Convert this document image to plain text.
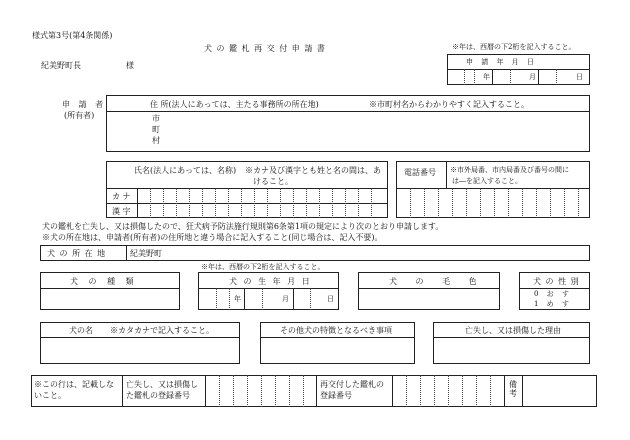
様式第3号(第4条関係)
犬 の 鑑 札 再 交 付 申 請 書	※年は、西暦の下2桁を記入すること。
紀美野町長	様	申 請 年 月 日
年	月	日
申 請 者
(所有者)
住 所(法人にあっては、主たる事務所の所在地)	※市町村名からわかりやすく記入すること。
市
町
村
氏名(法人にあっては、名称) ※カナ及び漢字とも姓と名の間は、あ
けること。
カ ナ
漢 字
電話番号 ※市外局番、市内局番及び番号の間に
は―を記入すること。
犬の鑑札を亡失し、又は損傷したので、狂犬病予防法施行規則第6条第1項の規定により次のとおり申請します。
※犬の所在地は、申請者(所有者)の住所地と違う場合に記入すること(同じ場合は、記入不要)。
犬 の 所 在 地	紀美野町
※年は、西暦の下2桁を記入すること。
犬 の 種 類	犬 の 生 年 月 日
年	月	日
犬 の 毛 色	犬 の 性 別
0 お す
1 め す
犬の名 ※カタカナで記入すること。	その他犬の特徴となるべき事項	亡失し、又は損傷した理由
※この行は、記載しな
いこと。
亡失し、又は損傷し
た鑑札の登録番号
再交付した鑑札の
登録番号
備考
